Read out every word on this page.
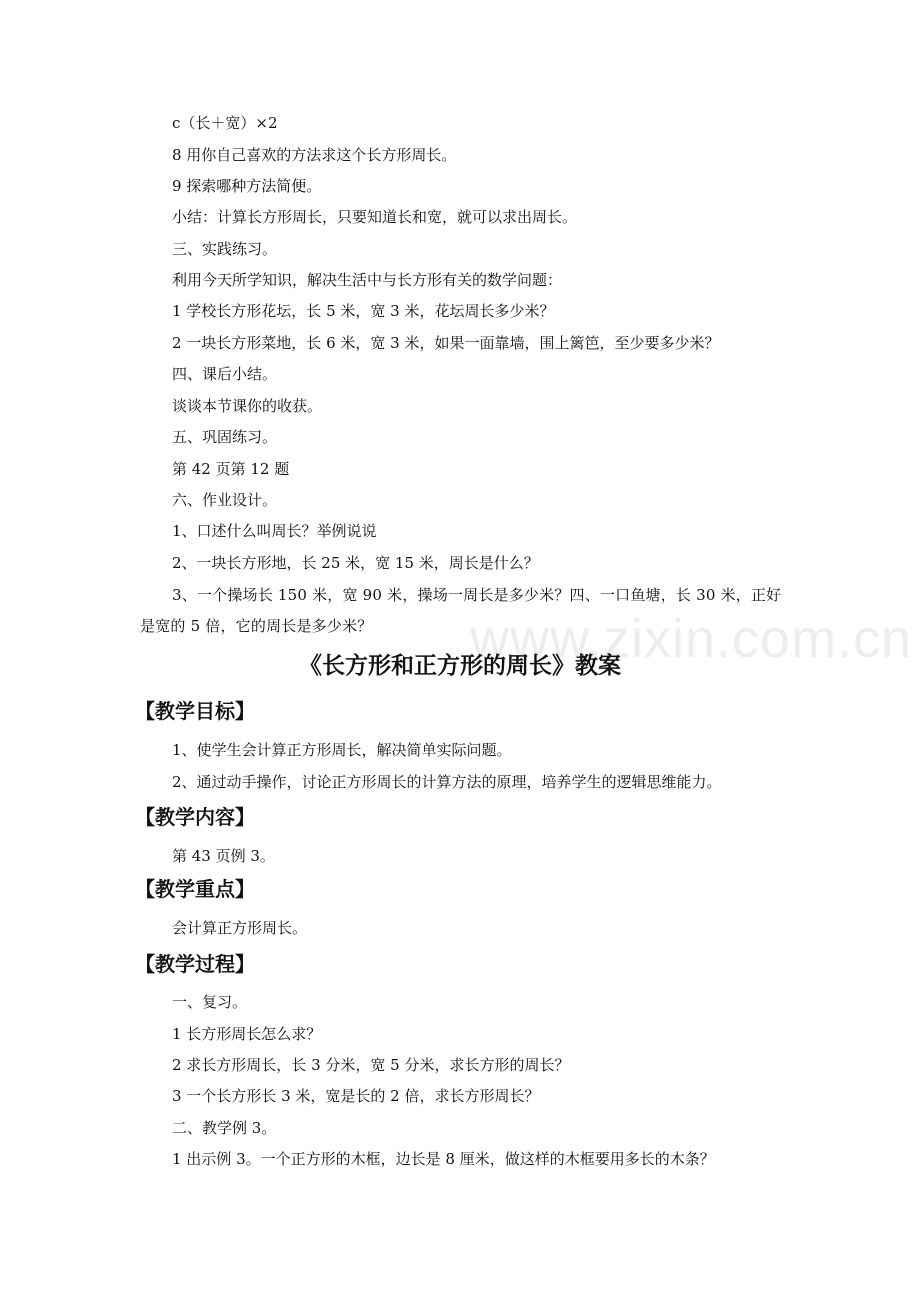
c（长＋宽）×2
8 用你自己喜欢的方法求这个长方形周长。
9 探索哪种方法简便。
小结：计算长方形周长，只要知道长和宽，就可以求出周长。
三、实践练习。
利用今天所学知识，解决生活中与长方形有关的数学问题：
1 学校长方形花坛，长 5 米，宽 3 米，花坛周长多少米？
2 一块长方形菜地，长 6 米，宽 3 米，如果一面靠墙，围上篱笆，至少要多少米？
四、课后小结。
谈谈本节课你的收获。
五、巩固练习。
第 42 页第 12 题
六、作业设计。
1、口述什么叫周长？举例说说
2、一块长方形地，长 25 米，宽 15 米，周长是什么？
3、一个操场长 150 米，宽 90 米，操场一周长是多少米？四、一口鱼塘，长 30 米，正好是宽的 5 倍，它的周长是多少米？	www.zixin.com.cn
《长方形和正方形的周长》教案
【教学目标】
1、使学生会计算正方形周长，解决简单实际问题。
2、通过动手操作，讨论正方形周长的计算方法的原理，培养学生的逻辑思维能力。
【教学内容】
第 43 页例 3。
【教学重点】
会计算正方形周长。
【教学过程】
一、复习。
1 长方形周长怎么求？
2 求长方形周长，长 3 分米，宽 5 分米，求长方形的周长？
3 一个长方形长 3 米，宽是长的 2 倍，求长方形周长？
二、教学例 3。
1 出示例 3。一个正方形的木框，边长是 8 厘米，做这样的木框要用多长的木条？
